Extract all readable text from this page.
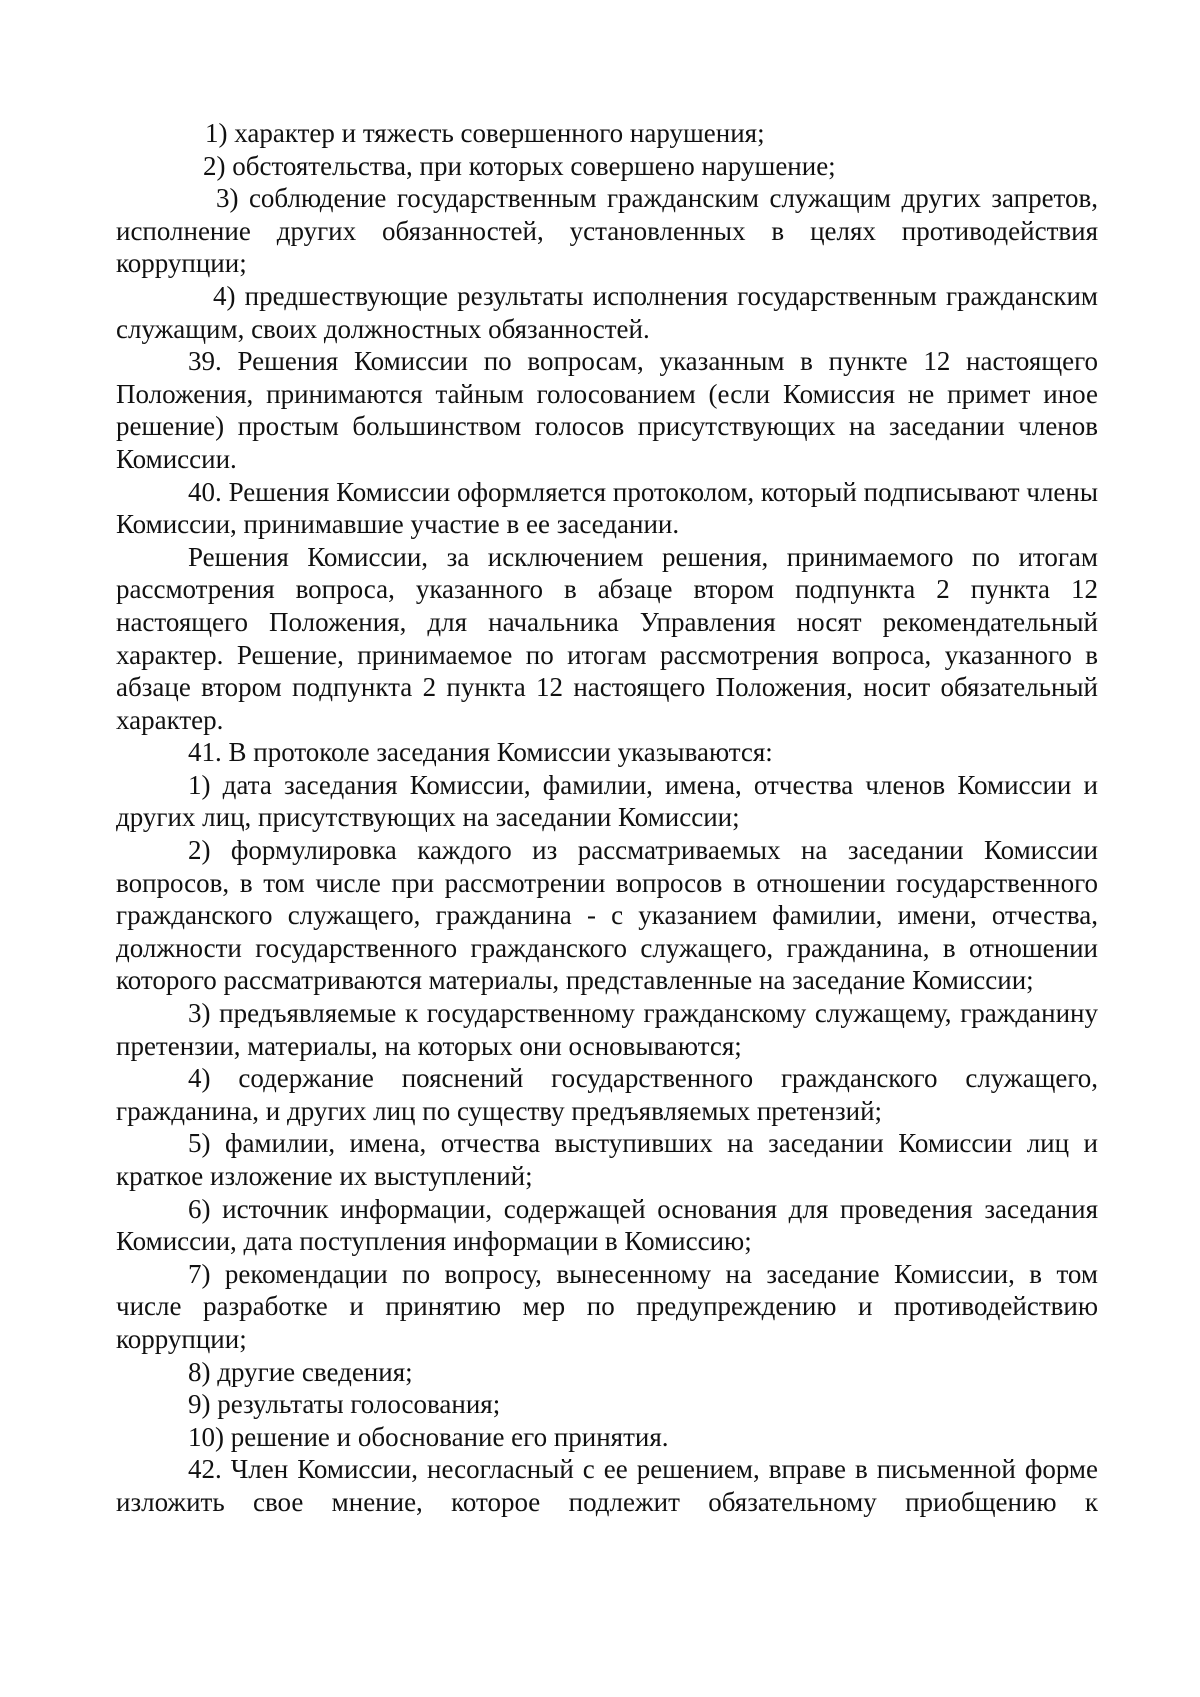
1) характер и тяжесть совершенного нарушения;

2) обстоятельства, при которых совершено нарушение;

3) соблюдение государственным гражданским служащим других запретов, исполнение других обязанностей, установленных в целях противодействия коррупции;

4) предшествующие результаты исполнения государственным гражданским служащим, своих должностных обязанностей.

39. Решения Комиссии по вопросам, указанным в пункте 12 настоящего Положения, принимаются тайным голосованием (если Комиссия не примет иное решение) простым большинством голосов присутствующих на заседании членов Комиссии.

40. Решения Комиссии оформляется протоколом, который подписывают члены Комиссии, принимавшие участие в ее заседании.

Решения Комиссии, за исключением решения, принимаемого по итогам рассмотрения вопроса, указанного в абзаце втором подпункта 2 пункта 12 настоящего Положения, для начальника Управления носят рекомендательный характер. Решение, принимаемое по итогам рассмотрения вопроса, указанного в абзаце втором подпункта 2 пункта 12 настоящего Положения, носит обязательный характер.

41. В протоколе заседания Комиссии указываются:

1) дата заседания Комиссии, фамилии, имена, отчества членов Комиссии и других лиц, присутствующих на заседании Комиссии;

2) формулировка каждого из рассматриваемых на заседании Комиссии вопросов, в том числе при рассмотрении вопросов в отношении государственного гражданского служащего, гражданина - с указанием фамилии, имени, отчества, должности государственного гражданского служащего, гражданина, в отношении которого рассматриваются материалы, представленные на заседание Комиссии;

3) предъявляемые к государственному гражданскому служащему, гражданину претензии, материалы, на которых они основываются;

4) содержание пояснений государственного гражданского служащего, гражданина, и других лиц по существу предъявляемых претензий;

5) фамилии, имена, отчества выступивших на заседании Комиссии лиц и краткое изложение их выступлений;

6) источник информации, содержащей основания для проведения заседания Комиссии, дата поступления информации в Комиссию;

7) рекомендации по вопросу, вынесенному на заседание Комиссии, в том числе разработке и принятию мер по предупреждению и противодействию коррупции;

8) другие сведения;

9) результаты голосования;

10) решение и обоснование его принятия.

42. Член Комиссии, несогласный с ее решением, вправе в письменной форме изложить свое мнение, которое подлежит обязательному приобщению к
